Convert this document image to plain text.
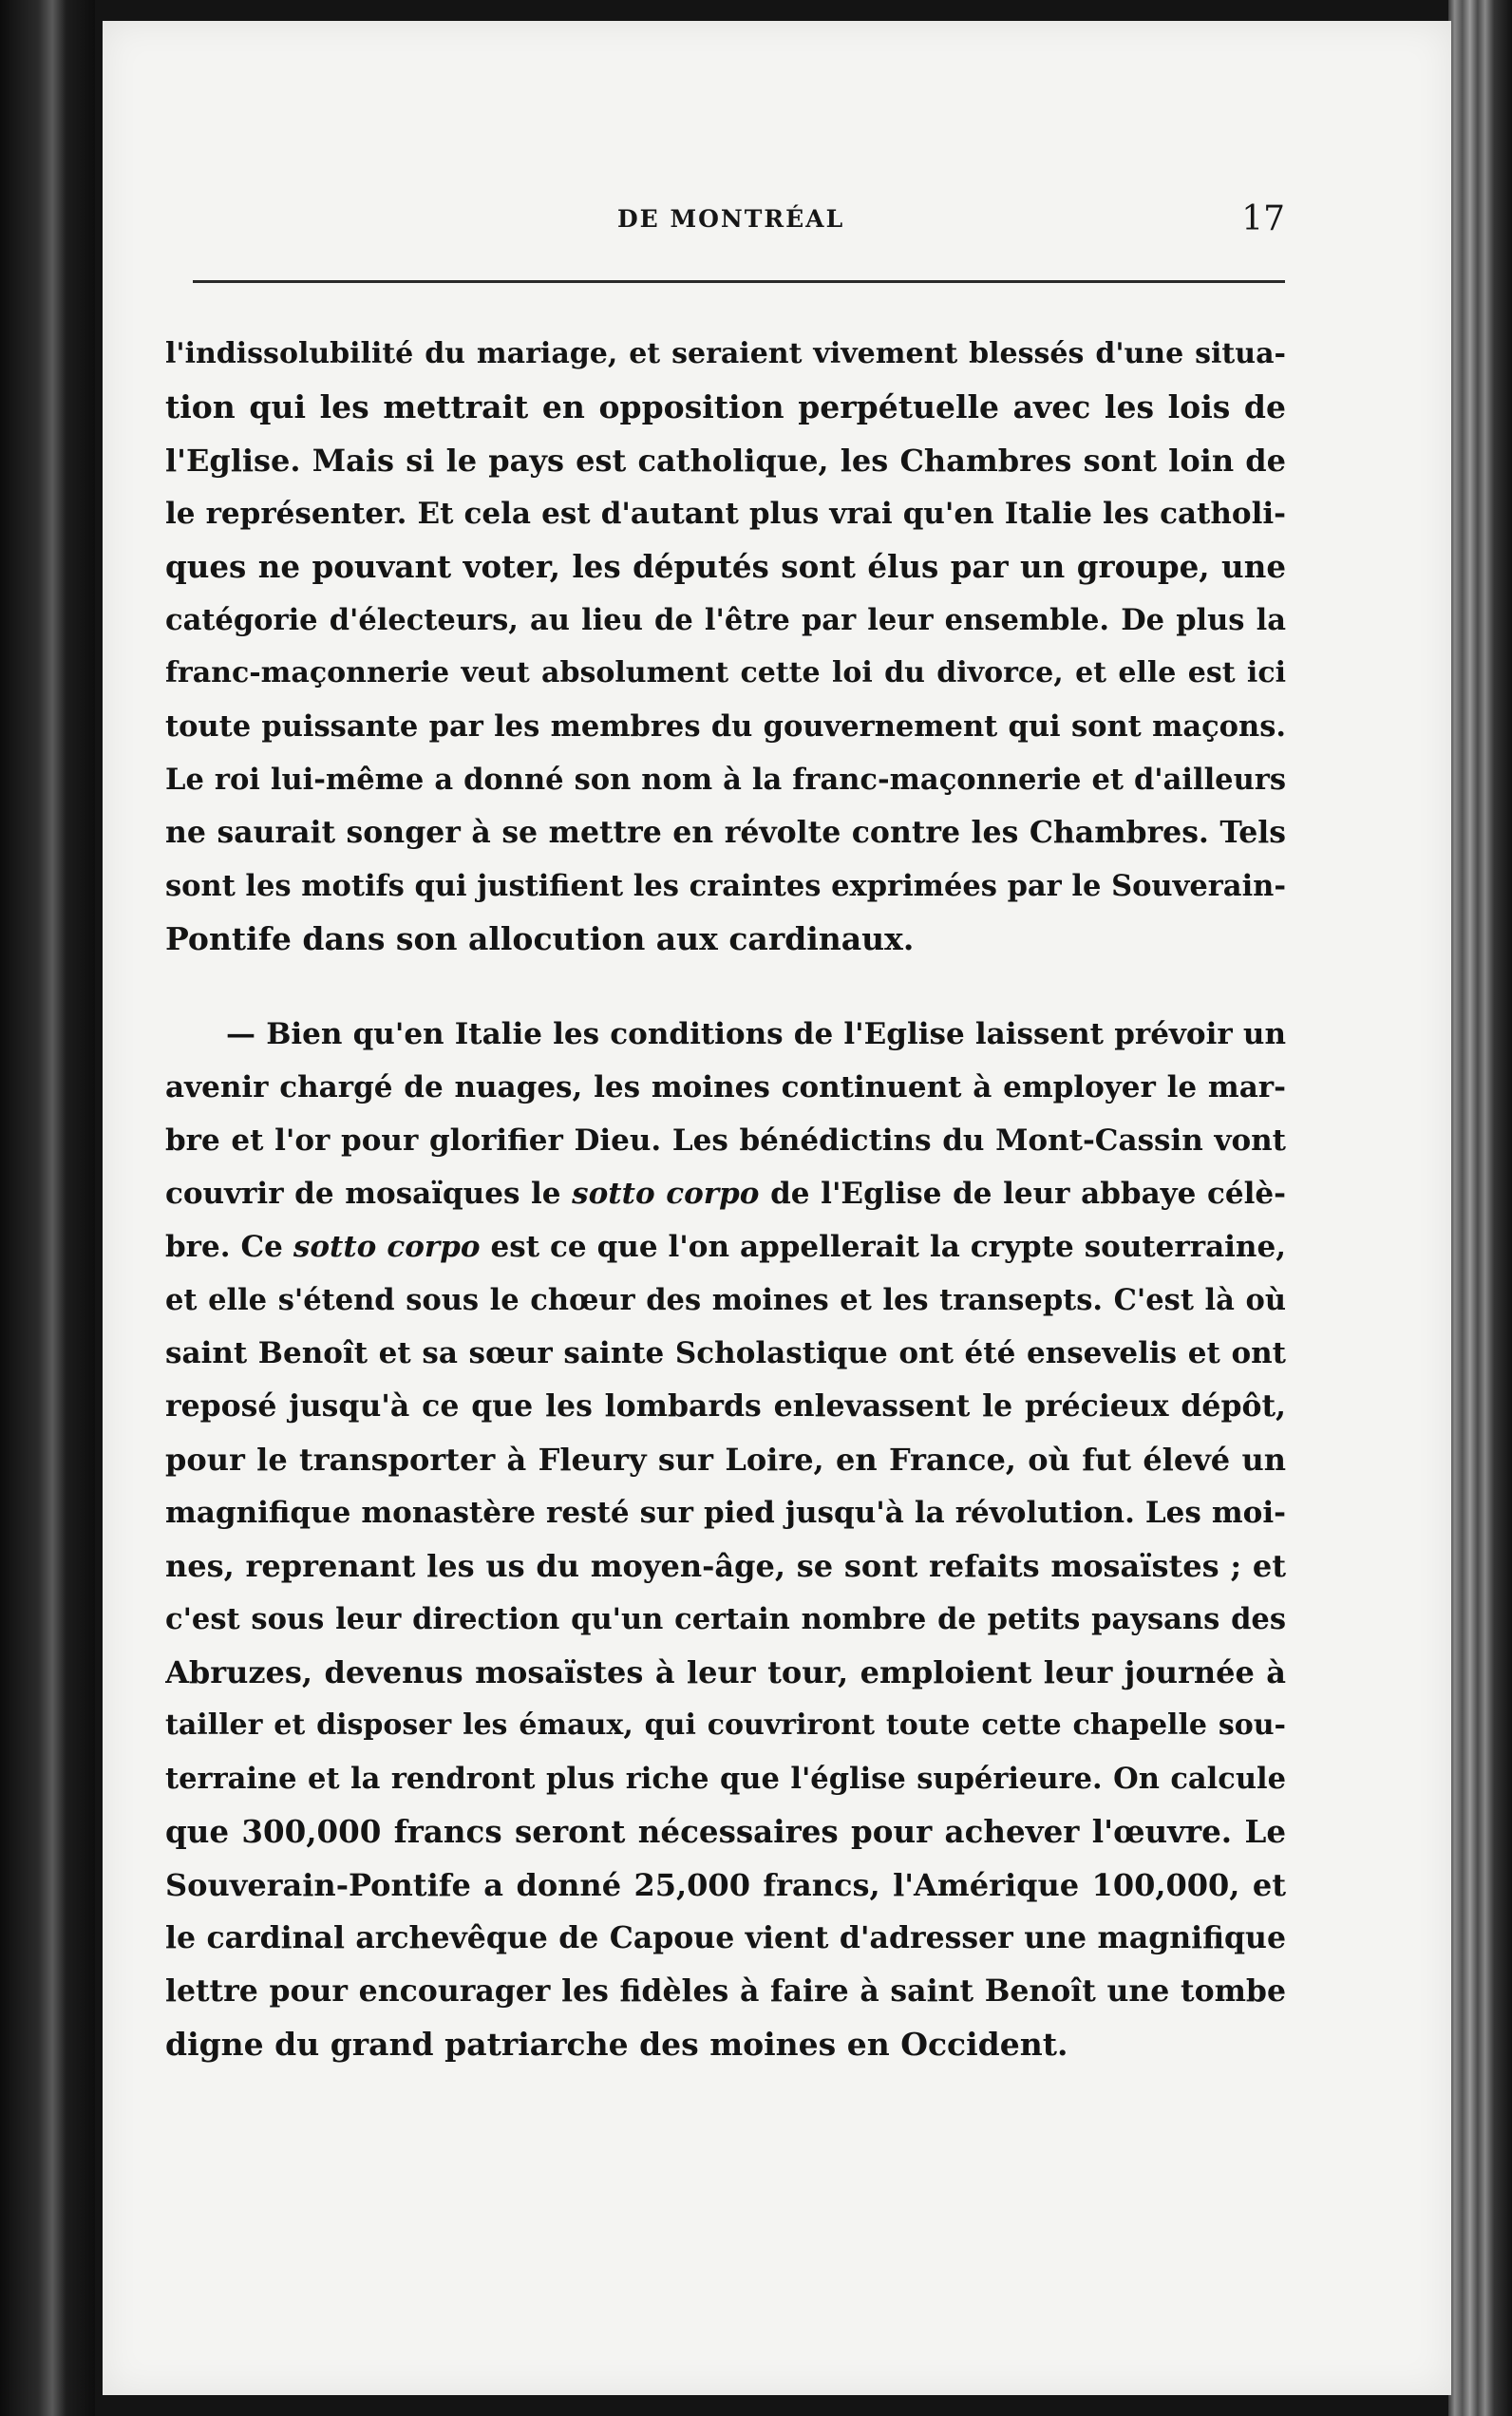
DE MONTRÉAL	17
l'indissolubilité du mariage, et seraient vivement blessés d'une situa-
tion qui les mettrait en opposition perpétuelle avec les lois de
l'Eglise. Mais si le pays est catholique, les Chambres sont loin de
le représenter. Et cela est d'autant plus vrai qu'en Italie les catholi-
ques ne pouvant voter, les députés sont élus par un groupe, une
catégorie d'électeurs, au lieu de l'être par leur ensemble. De plus la
franc-maçonnerie veut absolument cette loi du divorce, et elle est ici
toute puissante par les membres du gouvernement qui sont maçons.
Le roi lui-même a donné son nom à la franc-maçonnerie et d'ailleurs
ne saurait songer à se mettre en révolte contre les Chambres. Tels
sont les motifs qui justifient les craintes exprimées par le Souverain-
Pontife dans son allocution aux cardinaux.
— Bien qu'en Italie les conditions de l'Eglise laissent prévoir un
avenir chargé de nuages, les moines continuent à employer le mar-
bre et l'or pour glorifier Dieu. Les bénédictins du Mont-Cassin vont
couvrir de mosaïques le sotto corpo de l'Eglise de leur abbaye célè-
bre. Ce sotto corpo est ce que l'on appellerait la crypte souterraine,
et elle s'étend sous le chœur des moines et les transepts. C'est là où
saint Benoît et sa sœur sainte Scholastique ont été ensevelis et ont
reposé jusqu'à ce que les lombards enlevassent le précieux dépôt,
pour le transporter à Fleury sur Loire, en France, où fut élevé un
magnifique monastère resté sur pied jusqu'à la révolution. Les moi-
nes, reprenant les us du moyen-âge, se sont refaits mosaïstes ; et
c'est sous leur direction qu'un certain nombre de petits paysans des
Abruzes, devenus mosaïstes à leur tour, emploient leur journée à
tailler et disposer les émaux, qui couvriront toute cette chapelle sou-
terraine et la rendront plus riche que l'église supérieure. On calcule
que 300,000 francs seront nécessaires pour achever l'œuvre. Le
Souverain-Pontife a donné 25,000 francs, l'Amérique 100,000, et
le cardinal archevêque de Capoue vient d'adresser une magnifique
lettre pour encourager les fidèles à faire à saint Benoît une tombe
digne du grand patriarche des moines en Occident.
